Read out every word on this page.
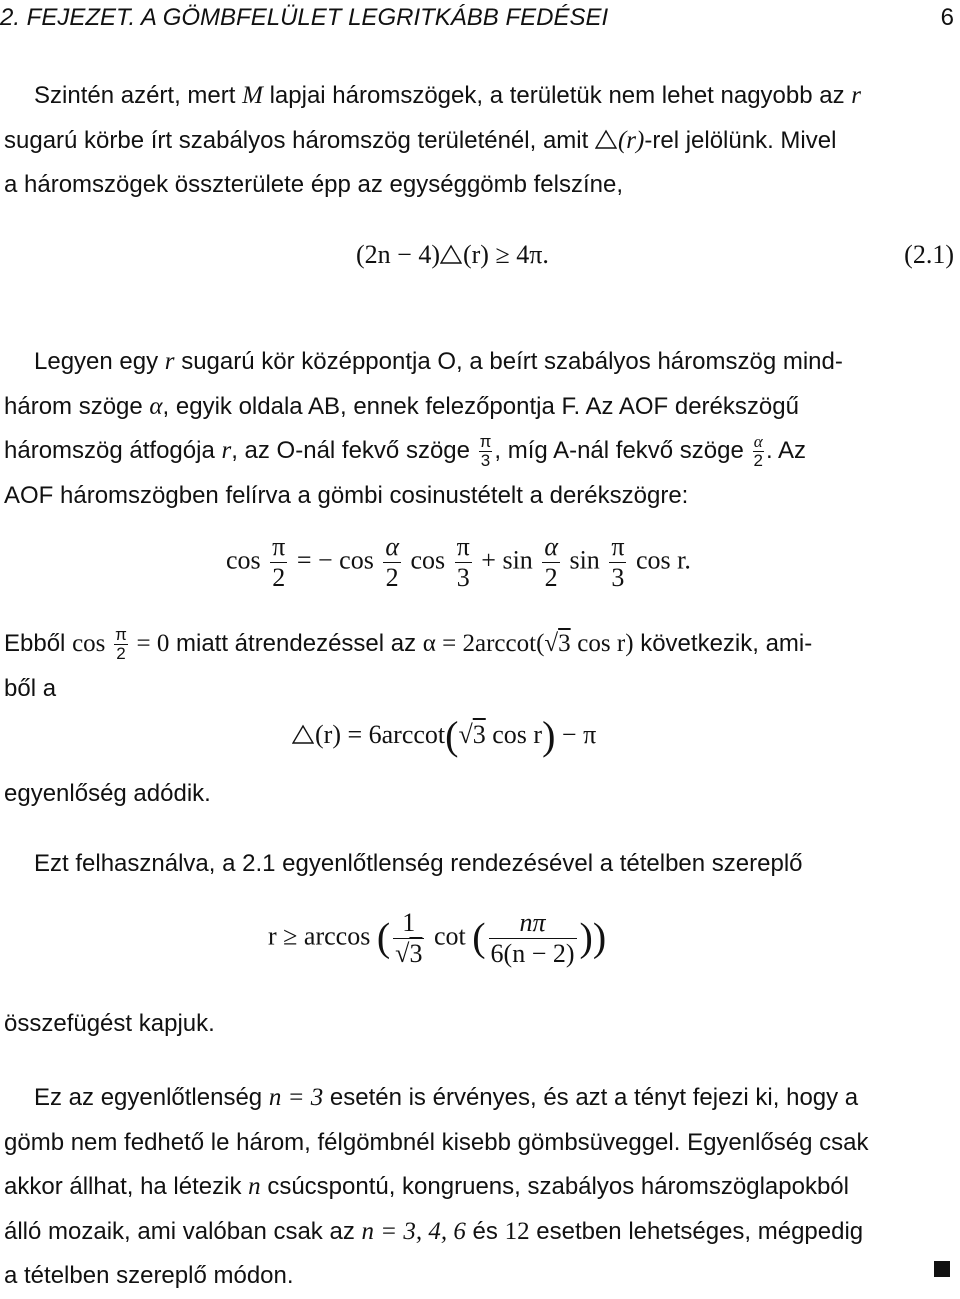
2. FEJEZET. A GÖMBFELÜLET LEGRITKÁBB FEDÉSEI	6
Szintén azért, mert M lapjai háromszögek, a területük nem lehet nagyobb az r
sugarú körbe írt szabályos háromszög területénél, amit (r)-rel jelölünk. Mivel
a háromszögek összterülete épp az egységgömb felszíne,
(2n − 4) (r) ≥ 4π.	(2.1)
Legyen egy r sugarú kör középpontja O, a beírt szabályos háromszög mind-
három szöge α, egyik oldala AB, ennek felezőpontja F. Az AOF derékszögű
háromszög átfogója r, az O-nál fekvő szöge $\frac{\pi}{3}$ , míg A-nál fekvő szöge $\frac{\alpha}{2}$ . Az
AOF háromszögben felírva a gömbi cosinustételt a derékszögre:
$\cos \frac{\pi}{2}$ = − $\cos \frac{\alpha}{2}$ $\cos \frac{\pi}{3} + \sin \frac{\alpha}{2}$ $\sin \frac{\pi}{3}$ cos r.
Ebből $\cos \frac{\pi}{2} = 0$ miatt átrendezéssel az α = 2arccot(√3 cos r) következik, ami-
ből a
(r) = 6arccot(√3 cos r) − π
egyenlőség adódik.
Ezt felhasználva, a 2.1 egyenlőtlenség rendezésével a tételben szereplő
r ≥ arccos ( $\frac{1}{√3}$ cot ( $\frac{n\pi}{6(n - 2)}$ ))
összefügést kapjuk.
Ez az egyenlőtlenség n = 3 esetén is érvényes, és azt a tényt fejezi ki, hogy a
gömb nem fedhető le három, félgömbnél kisebb gömbsüveggel. Egyenlőség csak
akkor állhat, ha létezik n csúcspontú, kongruens, szabályos háromszöglapokból
álló mozaik, ami valóban csak az n = 3, 4, 6 és 12 esetben lehetséges, mégpedig
a tételben szereplő módon.
